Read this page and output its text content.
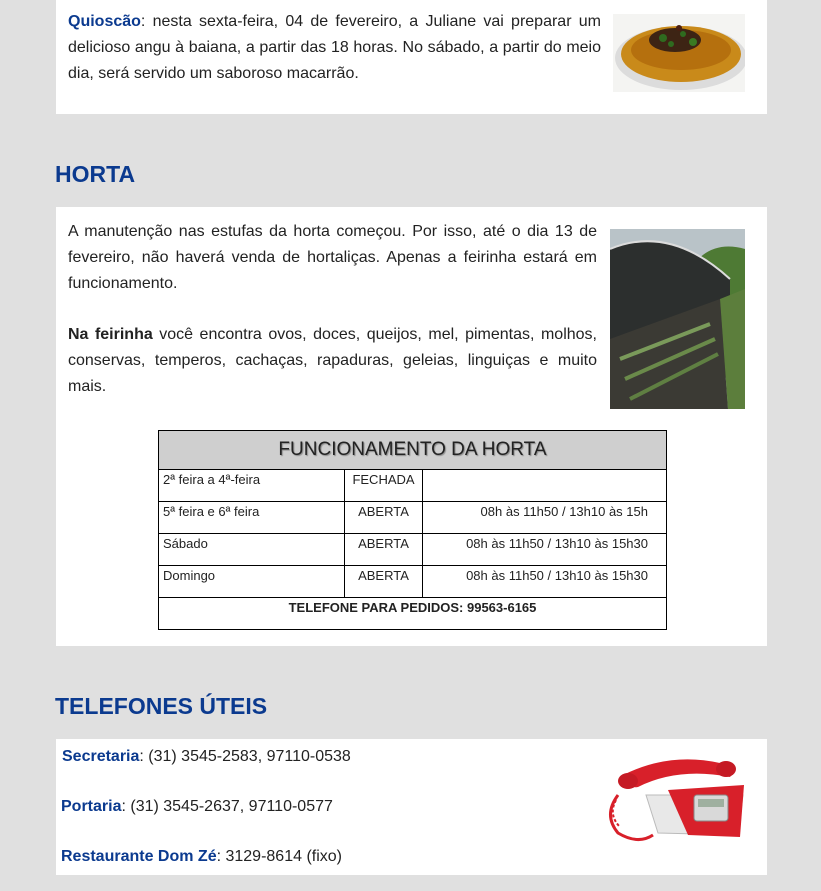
Quioscão: nesta sexta-feira, 04 de fevereiro, a Juliane vai preparar um delicioso angu à baiana, a partir das 18 horas. No sábado, a partir do meio dia, será servido um saboroso macarrão.
HORTA

A manutenção nas estufas da horta começou. Por isso, até o dia 13 de fevereiro, não haverá venda de hortaliças. Apenas a feirinha estará em funcionamento.

Na feirinha você encontra ovos, doces, queijos, mel, pimentas, molhos, conservas, temperos, cachaças, rapaduras, geleias, linguiças e muito mais.

FUNCIONAMENTO DA HORTA		
2ª feira a 4ª-feira	FECHADA	
5ª feira e 6ª feira	ABERTA	08h às 11h50 / 13h10 às 15h
Sábado	ABERTA	08h às 11h50 / 13h10 às 15h30
Domingo	ABERTA	08h às 11h50 / 13h10 às 15h30
TELEFONE PARA PEDIDOS: 99563-6165		
TELEFONES ÚTEIS
Secretaria: (31) 3545-2583, 97110-0538
Portaria: (31) 3545-2637, 97110-0577
Restaurante Dom Zé: 3129-8614 (fixo)
